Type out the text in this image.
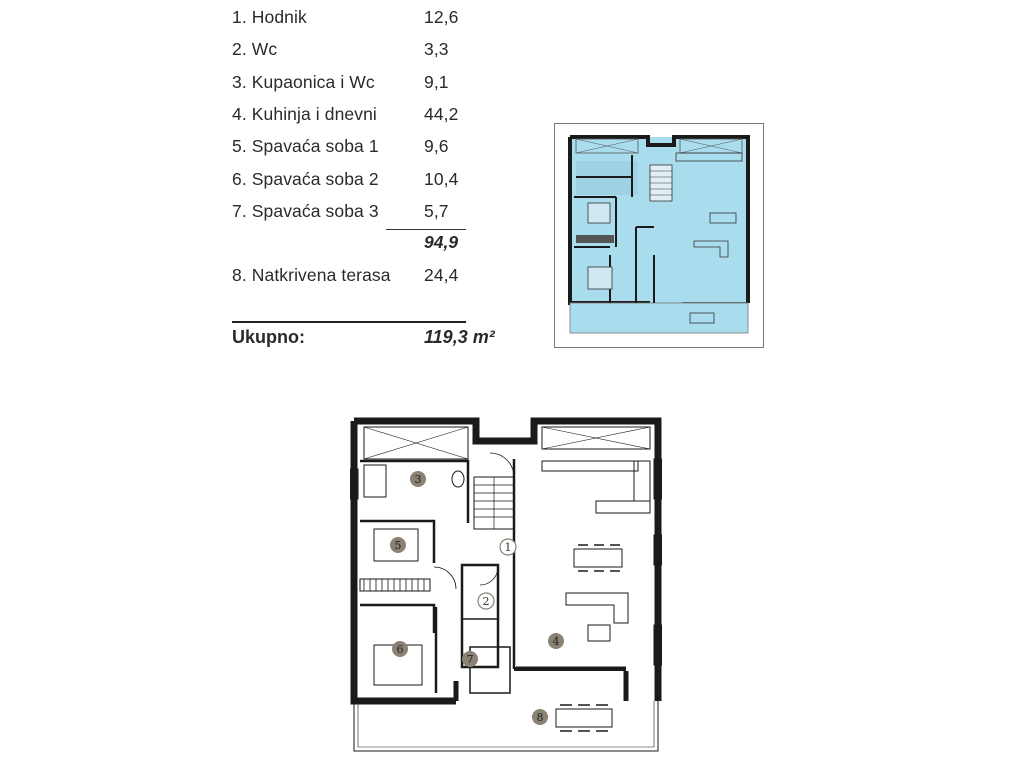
1. Hodnik	12,6
2. Wc	3,3
3. Kupaonica i Wc	9,1
4. Kuhinja i dnevni	44,2
5. Spavaća soba 1	9,6
6. Spavaća soba 2	10,4
7. Spavaća soba 3	5,7
8. Natkrivena terasa 24,4
94,9
Ukupno:	119,3 m²
1
2
3
4
5
6
7
8
